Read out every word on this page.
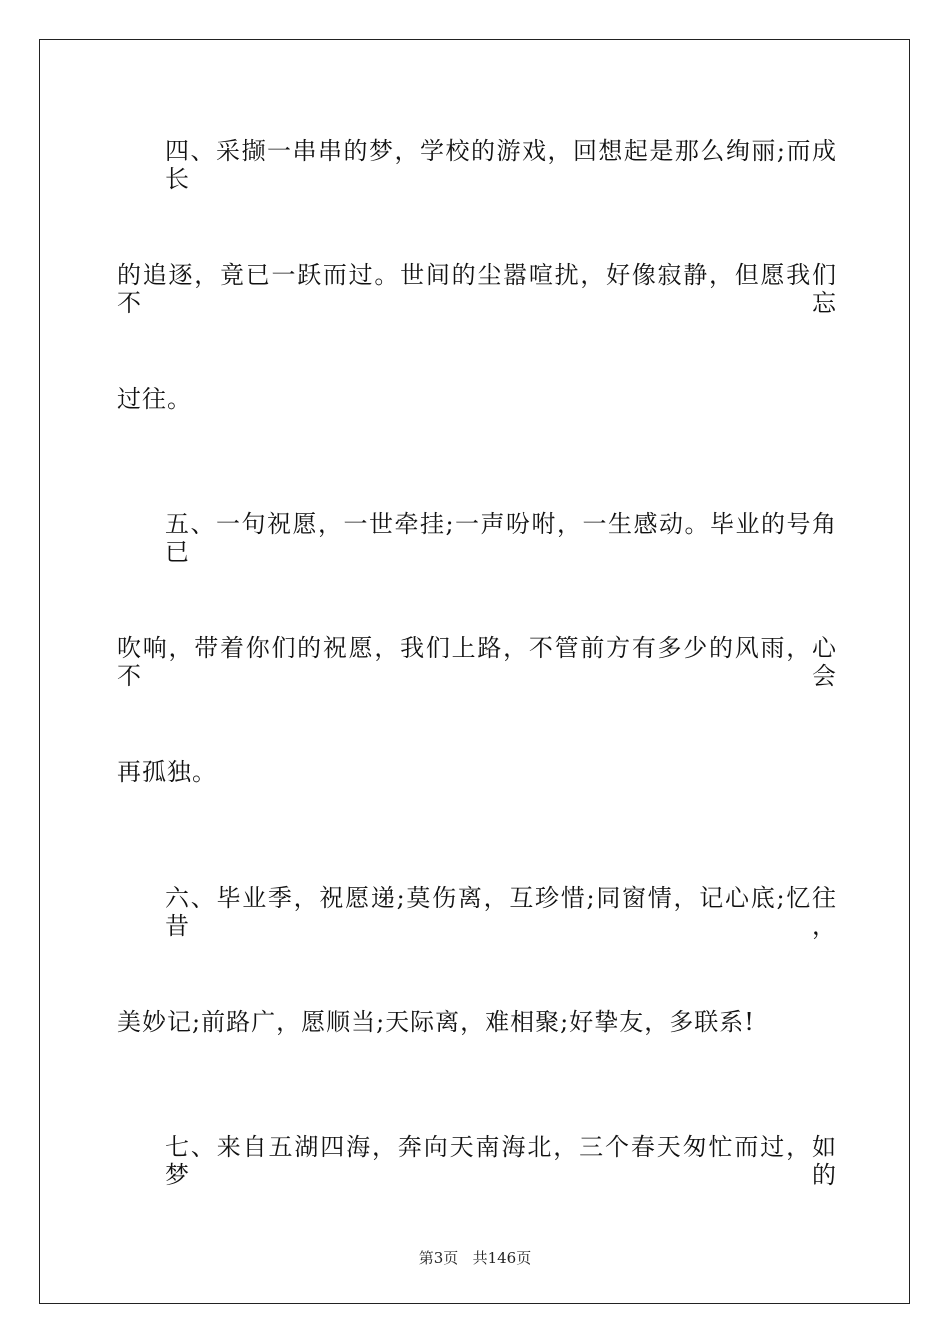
四、采撷一串串的梦，学校的游戏，回想起是那么绚丽;而成长
的追逐，竟已一跃而过。世间的尘嚣喧扰，好像寂静，但愿我们不忘
过往。
五、一句祝愿，一世牵挂;一声吩咐，一生感动。毕业的号角已
吹响，带着你们的祝愿，我们上路，不管前方有多少的风雨，心不会
再孤独。
六、毕业季，祝愿递;莫伤离，互珍惜;同窗情，记心底;忆往昔，
美妙记;前路广，愿顺当;天际离，难相聚;好挚友，多联系!
七、来自五湖四海，奔向天南海北，三个春天匆忙而过，如梦的
第3页   共146页
